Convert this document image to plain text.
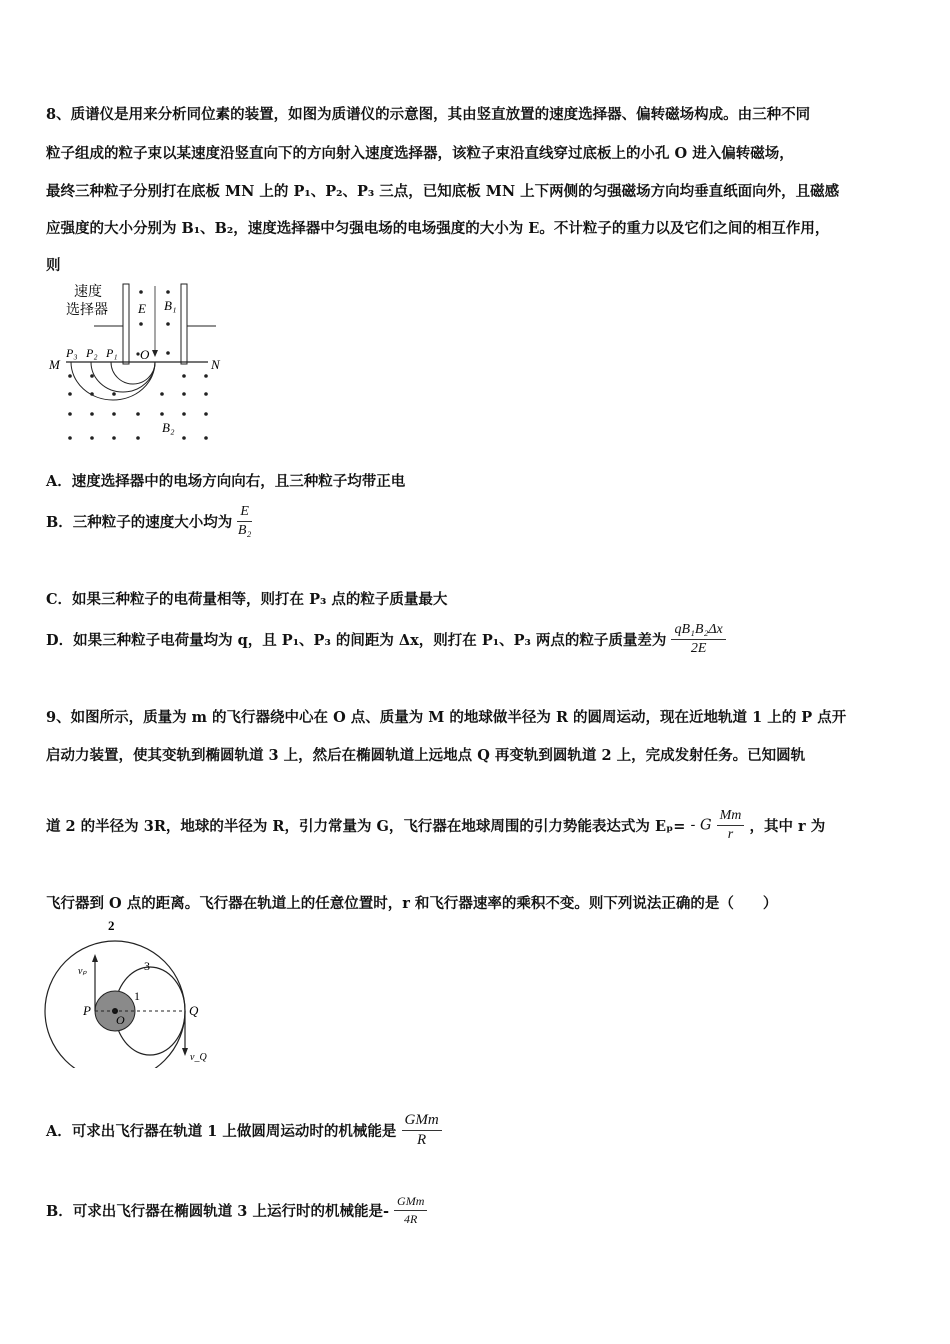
8、质谱仪是用来分析同位素的装置，如图为质谱仪的示意图，其由竖直放置的速度选择器、偏转磁场构成。由三种不同
粒子组成的粒子束以某速度沿竖直向下的方向射入速度选择器，该粒子束沿直线穿过底板上的小孔 O 进入偏转磁场，
最终三种粒子分别打在底板 MN 上的 P₁、P₂、P₃ 三点，已知底板 MN 上下两侧的匀强磁场方向均垂直纸面向外，且磁感
应强度的大小分别为 B₁、B₂，速度选择器中匀强电场的电场强度的大小为 E。不计粒子的重力以及它们之间的相互作用，
则
速度
选择器 E B₁
M	N
P₃ P₂ P₁ O
B₂
A．速度选择器中的电场方向向右，且三种粒子均带正电
B．三种粒子的速度大小均为 $\frac{E}{\text{B₂}}$
C．如果三种粒子的电荷量相等，则打在 P₃ 点的粒子质量最大
D．如果三种粒子电荷量均为 q，且 P₁、P₃ 的间距为 Δx，则打在 P₁、P₃ 两点的粒子质量差为 $\frac{\text{qB₁B₂Δx}}{2E}$
9、如图所示，质量为 m 的飞行器绕中心在 O 点、质量为 M 的地球做半径为 R 的圆周运动，现在近地轨道 1 上的 P 点开
启动力装置，使其变轨到椭圆轨道 3 上，然后在椭圆轨道上远地点 Q 再变轨到圆轨道 2 上，完成发射任务。已知圆轨
道 2 的半径为 3R，地球的半径为 R，引力常量为 G，飞行器在地球周围的引力势能表达式为 Eₚ= - G $\frac{Mm}{r}$ ，其中 r 为
飞行器到 O 点的距离。飞行器在轨道上的任意位置时，r 和飞行器速率的乘积不变。则下列说法正确的是（　　）
2
3
1
P
O
Q
vₚ
v_Q
A．可求出飞行器在轨道 1 上做圆周运动时的机械能是 $\frac{\text{GMm}}{R}$
B．可求出飞行器在椭圆轨道 3 上运行时的机械能是- $\frac{\text{GMm}}{4R}$
